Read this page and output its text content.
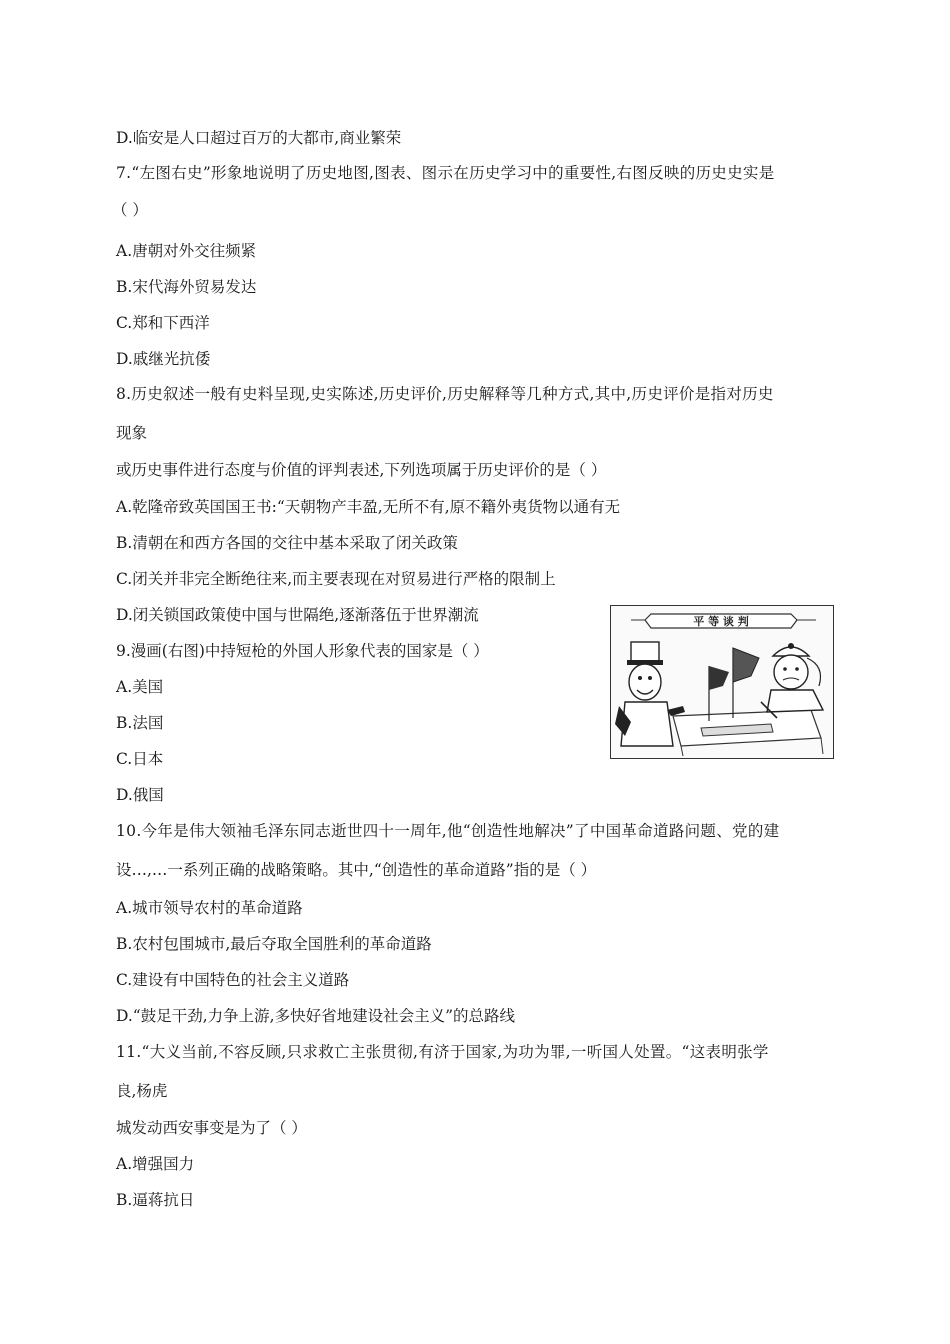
D.临安是人口超过百万的大都市,商业繁荣
7.“左图右史”形象地说明了历史地图,图表、图示在历史学习中的重要性,右图反映的历史史实是
（ ）
A.唐朝对外交往频紧
B.宋代海外贸易发达
C.郑和下西洋
D.戚继光抗倭
8.历史叙述一般有史料呈现,史实陈述,历史评价,历史解释等几种方式,其中,历史评价是指对历史
现象
或历史事件进行态度与价值的评判表述,下列选项属于历史评价的是（ ）
A.乾隆帝致英国国王书:“天朝物产丰盈,无所不有,原不籍外夷货物以通有无
B.清朝在和西方各国的交往中基本采取了闭关政策
C.闭关并非完全断绝往来,而主要表现在对贸易进行严格的限制上
D.闭关锁国政策使中国与世隔绝,逐渐落伍于世界潮流
9.漫画(右图)中持短枪的外国人形象代表的国家是（ ）
A.美国
B.法国
C.日本
D.俄国
10.今年是伟大领袖毛泽东同志逝世四十一周年,他“创造性地解决”了中国革命道路问题、党的建
设…,…一系列正确的战略策略。其中,“创造性的革命道路”指的是（ ）
A.城市领导农村的革命道路
B.农村包围城市,最后夺取全国胜利的革命道路
C.建设有中国特色的社会主义道路
D.“鼓足干劲,力争上游,多快好省地建设社会主义”的总路线
11.“大义当前,不容反顾,只求救亡主张贯彻,有济于国家,为功为罪,一听国人处置。“这表明张学
良,杨虎
城发动西安事变是为了（ ）
A.增强国力
B.逼蒋抗日
平 等 谈 判
